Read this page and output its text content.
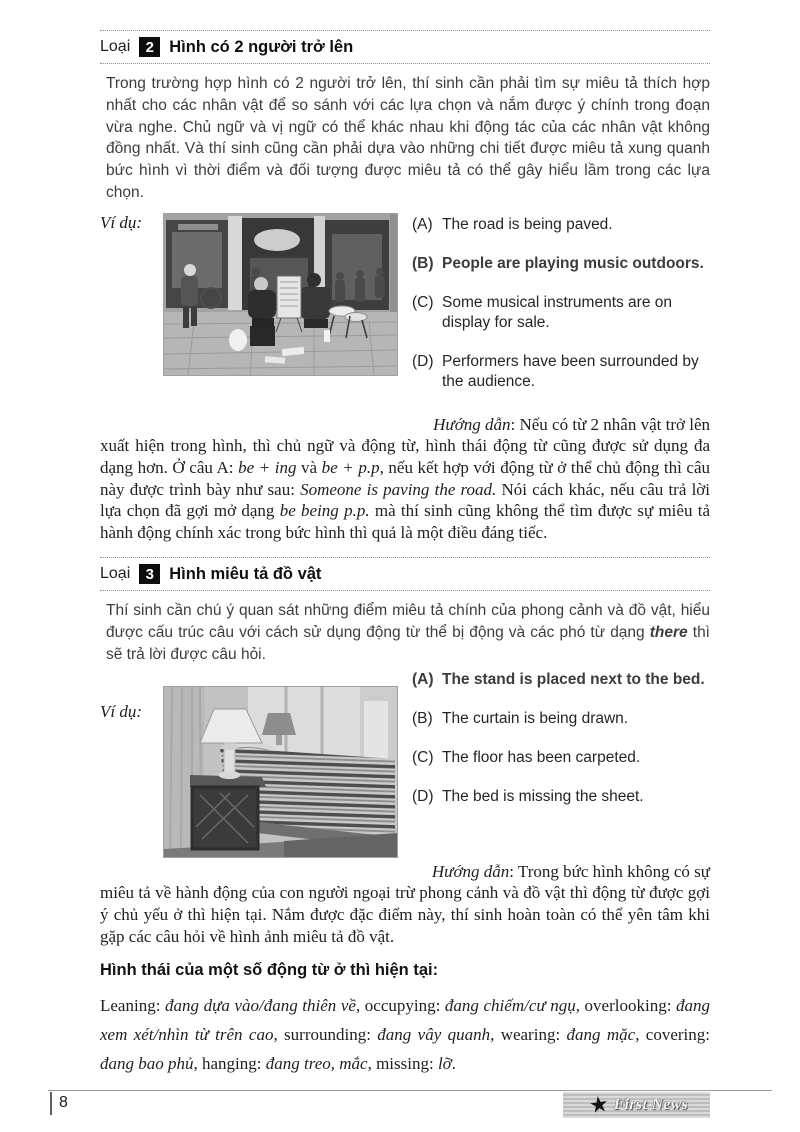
Loại	2 Hình có 2 người trở lên

Trong trường hợp hình có 2 người trở lên, thí sinh cần phải tìm sự miêu tả thích hợp nhất cho các nhân vật để so sánh với các lựa chọn và nắm được ý chính trong đoạn vừa nghe. Chủ ngữ và vị ngữ có thể khác nhau khi động tác của các nhân vật không đồng nhất. Và thí sinh cũng cần phải dựa vào những chi tiết được miêu tả xung quanh bức hình vì thời điểm và đối tượng được miêu tả có thể gây hiểu lầm trong các lựa chọn.

Ví dụ:	(A) The road is being paved.
(B) People are playing music outdoors.
(C) Some musical instruments are on display for sale.
(D) Performers have been surrounded by the audience.
Hướng dẫn: Nếu có từ 2 nhân vật trở lên
xuất hiện trong hình, thì chủ ngữ và động từ, hình thái động từ cũng được sử dụng đa dạng hơn. Ở câu A: be + ing và be + p.p, nếu kết hợp với động từ ở thể chủ động thì câu này được trình bày như sau: Someone is paving the road. Nói cách khác, nếu câu trả lời lựa chọn đã gợi mở dạng be being p.p. mà thí sinh cũng không thể tìm được sự miêu tả hành động chính xác trong bức hình thì quả là một điều đáng tiếc.
Loại	3 Hình miêu tả đồ vật

Thí sinh cần chú ý quan sát những điểm miêu tả chính của phong cảnh và đồ vật, hiểu được cấu trúc câu với cách sử dụng động từ thể bị động và các phó từ dạng there thì sẽ trả lời được câu hỏi.

Ví dụ:
(A) The stand is placed next to the bed.
(B) The curtain is being drawn.
(C) The floor has been carpeted.
(D) The bed is missing the sheet.
Hướng dẫn: Trong bức hình không có sự
miêu tả về hành động của con người ngoại trừ phong cảnh và đồ vật thì động từ được gợi ý chủ yếu ở thì hiện tại. Nắm được đặc điểm này, thí sinh hoàn toàn có thể yên tâm khi gặp các câu hỏi về hình ảnh miêu tả đồ vật.
Hình thái của một số động từ ở thì hiện tại:

Leaning: đang dựa vào/đang thiên về, occupying: đang chiếm/cư ngụ, overlooking: đang xem xét/nhìn từ trên cao, surrounding: đang vây quanh, wearing: đang mặc, covering: đang bao phủ, hanging: đang treo, mắc, missing: lỡ.

8	★ First News
